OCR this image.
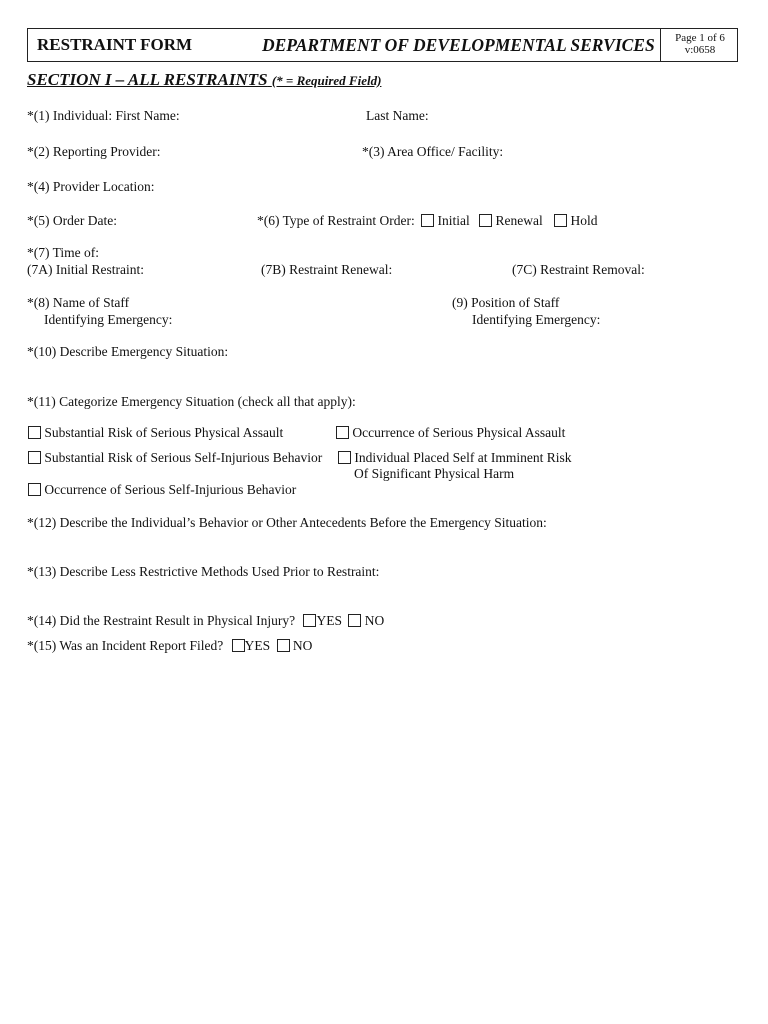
RESTRAINT FORM	DEPARTMENT OF DEVELOPMENTAL SERVICES	Page 1 of 6
v:0658
SECTION I – ALL RESTRAINTS (* = Required Field)
*(1) Individual: First Name:	Last Name:
*(2) Reporting Provider:	*(3) Area Office/ Facility:
*(4) Provider Location:
*(5) Order Date:	*(6) Type of Restraint Order: Initial Renewal Hold
*(7) Time of:
(7A) Initial Restraint:	(7B) Restraint Renewal:	(7C) Restraint Removal:
*(8) Name of Staff
Identifying Emergency:
(9) Position of Staff
Identifying Emergency:
*(10) Describe Emergency Situation:
*(11) Categorize Emergency Situation (check all that apply):
Substantial Risk of Serious Physical Assault	Occurrence of Serious Physical Assault
Substantial Risk of Serious Self-Injurious Behavior	Individual Placed Self at Imminent Risk
Of Significant Physical Harm
Occurrence of Serious Self-Injurious Behavior
*(12) Describe the Individual’s Behavior or Other Antecedents Before the Emergency Situation:
*(13) Describe Less Restrictive Methods Used Prior to Restraint:
*(14) Did the Restraint Result in Physical Injury? YES NO
*(15) Was an Incident Report Filed? YES NO
